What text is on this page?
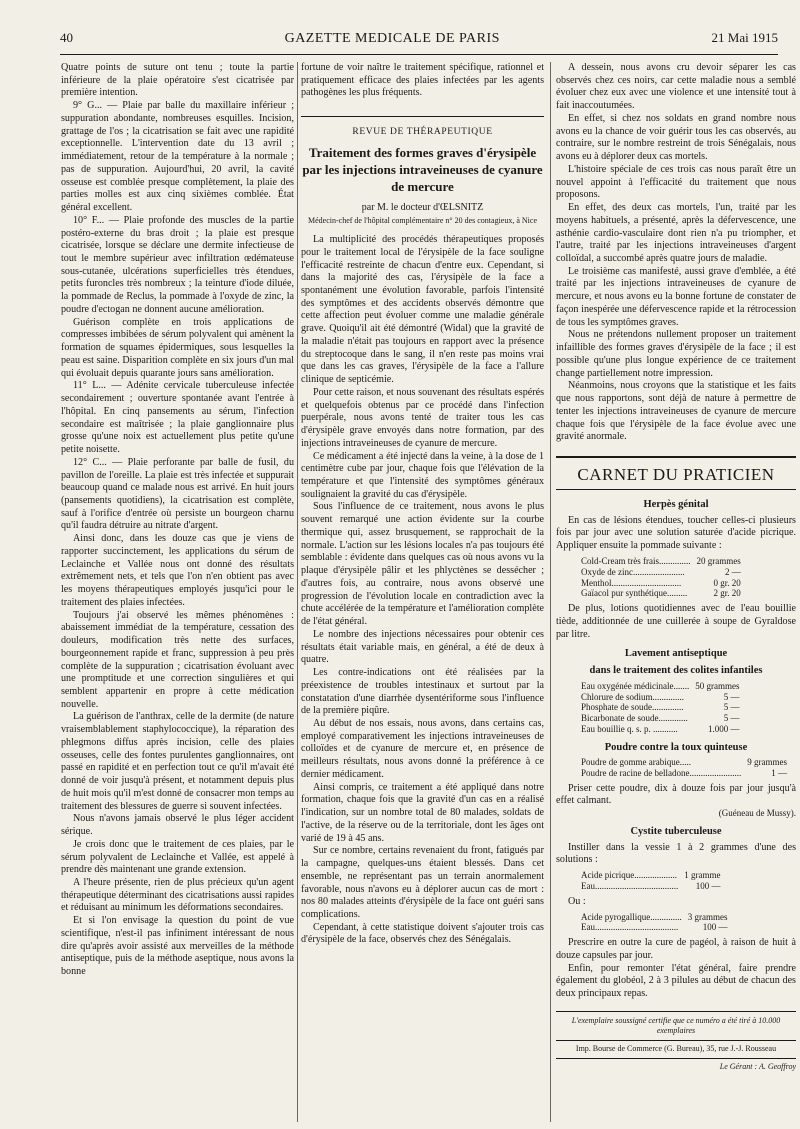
40	GAZETTE MEDICALE DE PARIS	21 Mai 1915

Quatre points de suture ont tenu ; toute la partie inférieure de la plaie opératoire s'est cicatrisée par première intention.

9° G... — Plaie par balle du maxillaire inférieur ; suppuration abondante, nombreuses esquilles. Incision, grattage de l'os ; la cicatrisation se fait avec une rapidité exceptionnelle. L'intervention date du 13 avril ; immédiatement, retour de la température à la normale ; pas de suppuration. Aujourd'hui, 20 avril, la cavité osseuse est comblée presque complètement, la plaie des parties molles est aux cinq sixièmes comblée. État général excellent.

10° F... — Plaie profonde des muscles de la partie postéro-externe du bras droit ; la plaie est presque cicatrisée, lorsque se déclare une dermite infectieuse de tout le membre supérieur avec infiltration œdémateuse sous-cutanée, ulcérations superficielles très étendues, petits furoncles très nombreux ; la teinture d'iode diluée, la pommade de Reclus, la pommade à l'oxyde de zinc, la poudre d'ectogan ne donnent aucune amélioration.

Guérison complète en trois applications de compresses imbibées de sérum polyvalent qui amènent la formation de squames épidermiques, sous lesquelles la peau est saine. Disparition complète en six jours d'un mal qui évoluait depuis quarante jours sans amélioration.

11° L... — Adénite cervicale tuberculeuse infectée secondairement ; ouverture spontanée avant l'entrée à l'hôpital. En cinq pansements au sérum, l'infection secondaire est maîtrisée ; la plaie ganglionnaire plus grosse qu'une noix est actuellement plus petite qu'une petite noisette.

12° C... — Plaie perforante par balle de fusil, du pavillon de l'oreille. La plaie est très infectée et suppurait beaucoup quand ce malade nous est arrivé. En huit jours (pansements quotidiens), la cicatrisation est complète, sauf à l'orifice d'entrée où persiste un bourgeon charnu qu'il faudra détruire au nitrate d'argent.

Ainsi donc, dans les douze cas que je viens de rapporter succinctement, les applications du sérum de Leclainche et Vallée nous ont donné des résultats extrêmement nets, et tels que l'on n'en obtient pas avec les moyens thérapeutiques employés jusqu'ici pour le traitement des plaies infectées.

Toujours j'ai observé les mêmes phénomènes : abaissement immédiat de la température, cessation des douleurs, modification très nette des surfaces, bourgeonnement rapide et franc, suppression à peu près complète de la suppuration ; cicatrisation évoluant avec une promptitude et une correction singulières et qui semblent appartenir en propre à cette médication nouvelle.

La guérison de l'anthrax, celle de la dermite (de nature vraisemblablement staphylococcique), la réparation des phlegmons diffus après incision, celle des plaies osseuses, celle des fontes purulentes ganglionnaires, ont passé en rapidité et en perfection tout ce qu'il m'avait été donné de voir jusqu'à présent, et notamment depuis plus de huit mois qu'il m'est donné de consacrer mon temps au traitement des blessures de guerre si souvent infectées.

Nous n'avons jamais observé le plus léger accident sérique.

Je crois donc que le traitement de ces plaies, par le sérum polyvalent de Leclainche et Vallée, est appelé à prendre dès maintenant une grande extension.

A l'heure présente, rien de plus précieux qu'un agent thérapeutique déterminant des cicatrisations aussi rapides et réduisant au minimum les déformations secondaires.

Et si l'on envisage la question du point de vue scientifique, n'est-il pas infiniment intéressant de nous dire qu'après avoir assisté aux merveilles de la méthode antiseptique, puis de la méthode aseptique, nous avons la bonne

fortune de voir naître le traitement spécifique, rationnel et pratiquement efficace des plaies infectées par les agents pathogènes les plus fréquents.

REVUE DE THÉRAPEUTIQUE
Traitement des formes graves d'érysipèle par les injections intraveineuses de cyanure de mercure
par M. le docteur d'ŒLSNITZ
Médecin-chef de l'hôpital complémentaire n° 20 des contagieux, à Nice

La multiplicité des procédés thérapeutiques proposés pour le traitement local de l'érysipèle de la face souligne l'efficacité restreinte de chacun d'entre eux. Cependant, si dans la majorité des cas, l'érysipèle de la face a spontanément une évolution favorable, parfois l'intensité des symptômes et des accidents observés démontre que cette affection peut évoluer comme une maladie générale grave. Quoiqu'il ait été démontré (Widal) que la gravité de la maladie n'était pas toujours en rapport avec la présence du streptocoque dans le sang, il n'en reste pas moins vrai que dans les cas graves, l'érysipèle de la face a l'allure clinique de septicémie.

Pour cette raison, et nous souvenant des résultats espérés et quelquefois obtenus par ce procédé dans l'infection puerpérale, nous avons tenté de traiter tous les cas d'érysipèle grave envoyés dans notre formation, par des injections intraveineuses de cyanure de mercure.

Ce médicament a été injecté dans la veine, à la dose de 1 centimètre cube par jour, chaque fois que l'élévation de la température et que l'intensité des symptômes généraux soulignaient la gravité du cas d'érysipèle.

Sous l'influence de ce traitement, nous avons le plus souvent remarqué une action évidente sur la courbe thermique qui, assez brusquement, se rapprochait de la normale. L'action sur les lésions locales n'a pas toujours été semblable : évidente dans quelques cas où nous avons vu la plaque d'érysipèle pâlir et les phlyctènes se dessécher ; d'autres fois, au contraire, nous avons observé une progression de l'évolution locale en contradiction avec la chute accélérée de la température et l'amélioration complète de l'état général.

Le nombre des injections nécessaires pour obtenir ces résultats était variable mais, en général, a été de deux à quatre.

Les contre-indications ont été réalisées par la préexistence de troubles intestinaux et surtout par la constatation d'une diarrhée dysentériforme sous l'influence de la première piqûre.

Au début de nos essais, nous avons, dans certains cas, employé comparativement les injections intraveineuses de colloïdes et de cyanure de mercure et, en présence de meilleurs résultats, nous avons donné la préférence à ce dernier médicament.

Ainsi compris, ce traitement a été appliqué dans notre formation, chaque fois que la gravité d'un cas en a réalisé l'indication, sur un nombre total de 80 malades, soldats de l'active, de la réserve ou de la territoriale, dont les âges ont varié de 19 à 45 ans.

Sur ce nombre, certains revenaient du front, fatigués par la campagne, quelques-uns étaient blessés. Dans cet ensemble, ne représentant pas un terrain anormalement favorable, nous n'avons eu à déplorer aucun cas de mort : nos 80 malades atteints d'érysipèle de la face ont guéri sans complications.

Cependant, à cette statistique doivent s'ajouter trois cas d'érysipèle de la face, observés chez des Sénégalais.

A dessein, nous avons cru devoir séparer les cas observés chez ces noirs, car cette maladie nous a semblé évoluer chez eux avec une violence et une intensité tout à fait inaccoutumées.

En effet, si chez nos soldats en grand nombre nous avons eu la chance de voir guérir tous les cas observés, au contraire, sur le nombre restreint de trois Sénégalais, nous avons eu à déplorer deux cas mortels.

L'histoire spéciale de ces trois cas nous paraît être un nouvel appoint à l'efficacité du traitement que nous proposons.

En effet, des deux cas mortels, l'un, traité par les moyens habituels, a présenté, après la défervescence, une asthénie cardio-vasculaire dont rien n'a pu triompher, et l'autre, traité par les injections intraveineuses d'argent colloïdal, a succombé après quatre jours de maladie.

Le troisième cas manifesté, aussi grave d'emblée, a été traité par les injections intraveineuses de cyanure de mercure, et nous avons eu la bonne fortune de constater de façon inespérée une défervescence rapide et la rétrocession de tous les symptômes graves.

Nous ne prétendons nullement proposer un traitement infaillible des formes graves d'érysipèle de la face ; il est possible qu'une plus longue expérience de ce traitement change partiellement notre impression.

Néanmoins, nous croyons que la statistique et les faits que nous rapportons, sont déjà de nature à permettre de tenter les injections intraveineuses de cyanure de mercure chaque fois que l'érysipèle de la face évolue avec une gravité anormale.

CARNET DU PRATICIEN
Herpès génital

En cas de lésions étendues, toucher celles-ci plusieurs fois par jour avec une solution saturée d'acide picrique. Appliquer ensuite la pommade suivante :

Cold-Cream très frais..............	20 grammes
Oxyde de zinc.......................	2 —
Menthol...............................	0 gr. 20
Gaïacol pur synthétique.........	2 gr. 20

De plus, lotions quotidiennes avec de l'eau bouillie tiède, additionnée de une cuillerée à soupe de Gyraldose par litre.

Lavement antiseptique
dans le traitement des colites infantiles
Eau oxygénée médicinale.......	50 grammes
Chlorure de sodium..............	5 —
Phosphate de soude..............	5 —
Bicarbonate de soude.............	5 —
Eau bouillie q. s. p. ...........	1.000 —
Poudre contre la toux quinteuse
Poudre de gomme arabique.....	9 grammes
Poudre de racine de belladone.......................	1 —

Priser cette poudre, dix à douze fois par jour jusqu'à effet calmant.

(Guéneau de Mussy).
Cystite tuberculeuse

Instiller dans la vessie 1 à 2 grammes d'une des solutions :

Acide picrique...................	1 gramme
Eau.....................................	100 —

Ou :

Acide pyrogallique..............	3 grammes
Eau.....................................	100 —

Prescrire en outre la cure de pagéol, à raison de huit à douze capsules par jour.

Enfin, pour remonter l'état général, faire prendre également du globéol, 2 à 3 pilules au début de chacun des deux principaux repas.

L'exemplaire soussigné certifie que ce numéro a été tiré à 10.000 exemplaires
Imp. Bourse de Commerce (G. Bureau), 35, rue J.-J. Rousseau
Le Gérant : A. Geoffroy
